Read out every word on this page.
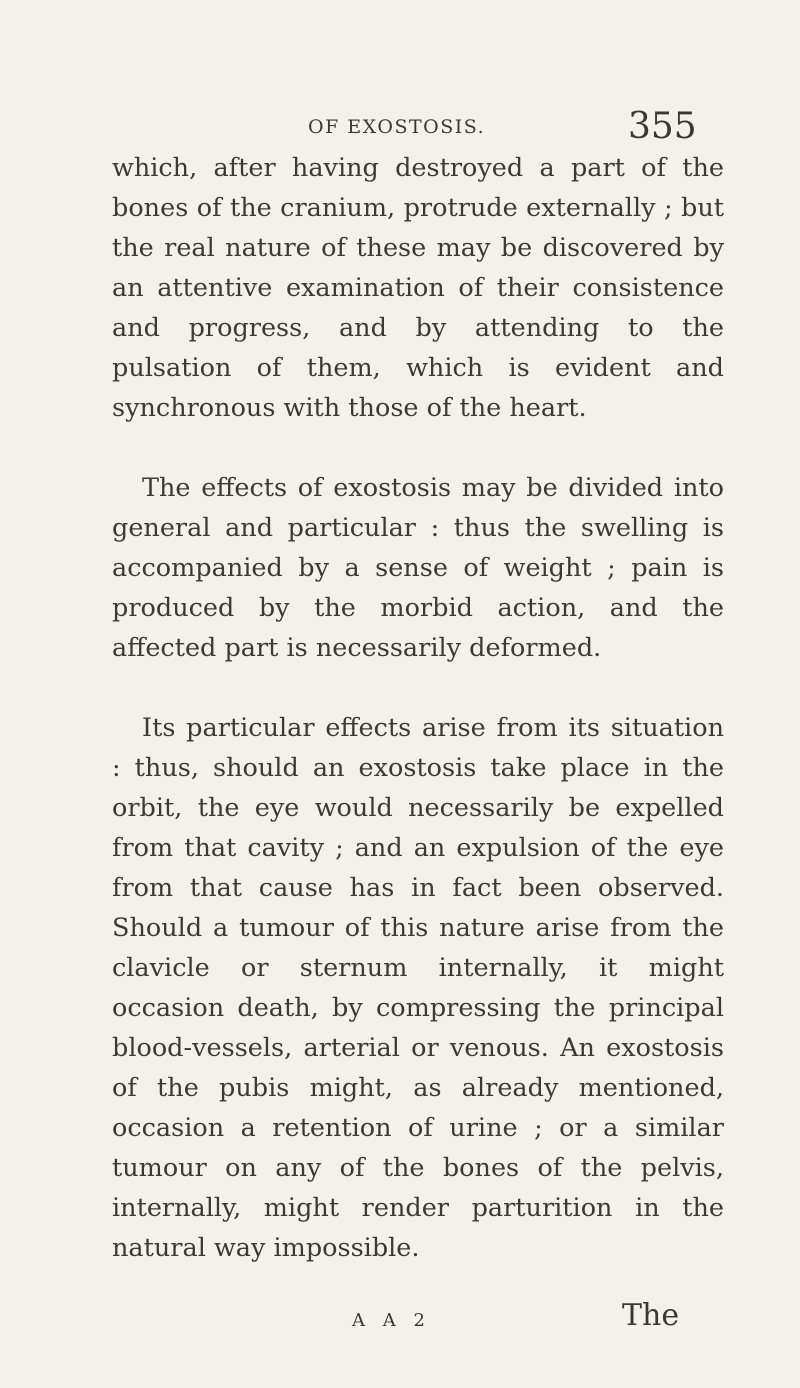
OF EXOSTOSIS.	355

which, after having destroyed a part of the bones of the cranium, protrude externally ; but the real nature of these may be discovered by an attentive examination of their consistence and progress, and by attending to the pulsation of them, which is evident and synchronous with those of the heart.

The effects of exostosis may be divided into general and particular : thus the swelling is accompanied by a sense of weight ; pain is produced by the morbid action, and the affected part is necessarily deformed.

Its particular effects arise from its situation : thus, should an exostosis take place in the orbit, the eye would necessarily be expelled from that cavity ; and an expulsion of the eye from that cause has in fact been observed. Should a tumour of this nature arise from the clavicle or sternum internally, it might occasion death, by compressing the principal blood-vessels, arterial or venous. An exostosis of the pubis might, as already mentioned, occasion a retention of urine ; or a similar tumour on any of the bones of the pelvis, internally, might render parturition in the natural way impossible.

A A 2	The
